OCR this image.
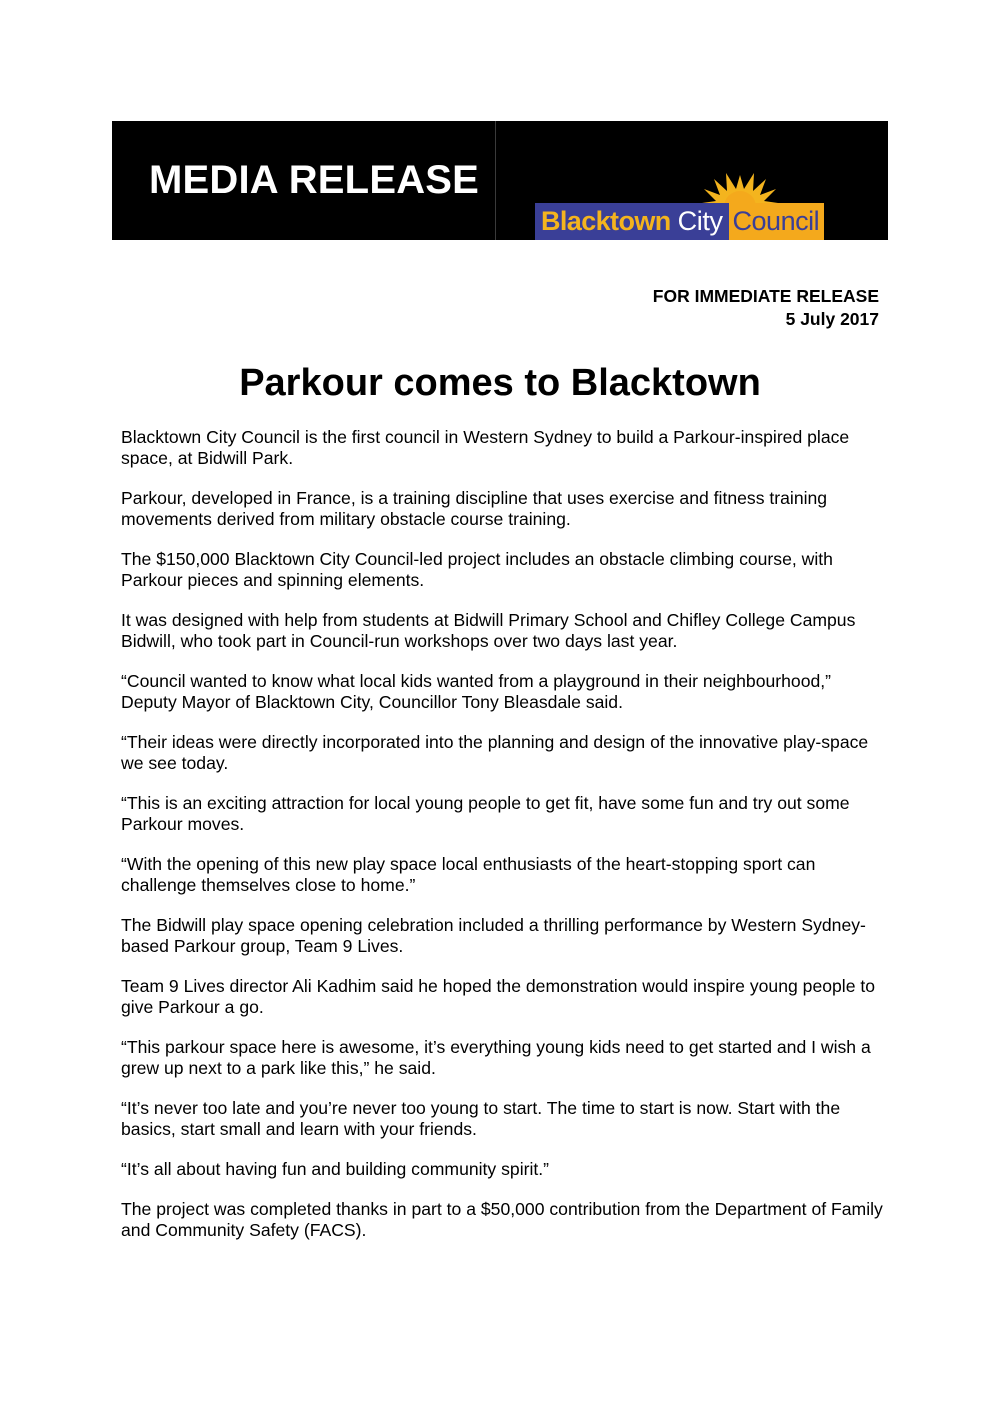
MEDIA RELEASE
Blacktown City Council
FOR IMMEDIATE RELEASE
5 July 2017
Parkour comes to Blacktown

Blacktown City Council is the first council in Western Sydney to build a Parkour-inspired place space, at Bidwill Park.

Parkour, developed in France, is a training discipline that uses exercise and fitness training movements derived from military obstacle course training.

The $150,000 Blacktown City Council-led project includes an obstacle climbing course, with Parkour pieces and spinning elements.

It was designed with help from students at Bidwill Primary School and Chifley College Campus Bidwill, who took part in Council-run workshops over two days last year.

“Council wanted to know what local kids wanted from a playground in their neighbourhood,” Deputy Mayor of Blacktown City, Councillor Tony Bleasdale said.

“Their ideas were directly incorporated into the planning and design of the innovative play-space we see today.

“This is an exciting attraction for local young people to get fit, have some fun and try out some Parkour moves.

“With the opening of this new play space local enthusiasts of the heart-stopping sport can challenge themselves close to home.”

The Bidwill play space opening celebration included a thrilling performance by Western Sydney-based Parkour group, Team 9 Lives.

Team 9 Lives director Ali Kadhim said he hoped the demonstration would inspire young people to give Parkour a go.

“This parkour space here is awesome, it’s everything young kids need to get started and I wish a grew up next to a park like this,” he said.

“It’s never too late and you’re never too young to start. The time to start is now. Start with the basics, start small and learn with your friends.

“It’s all about having fun and building community spirit.”

The project was completed thanks in part to a $50,000 contribution from the Department of Family and Community Safety (FACS).
